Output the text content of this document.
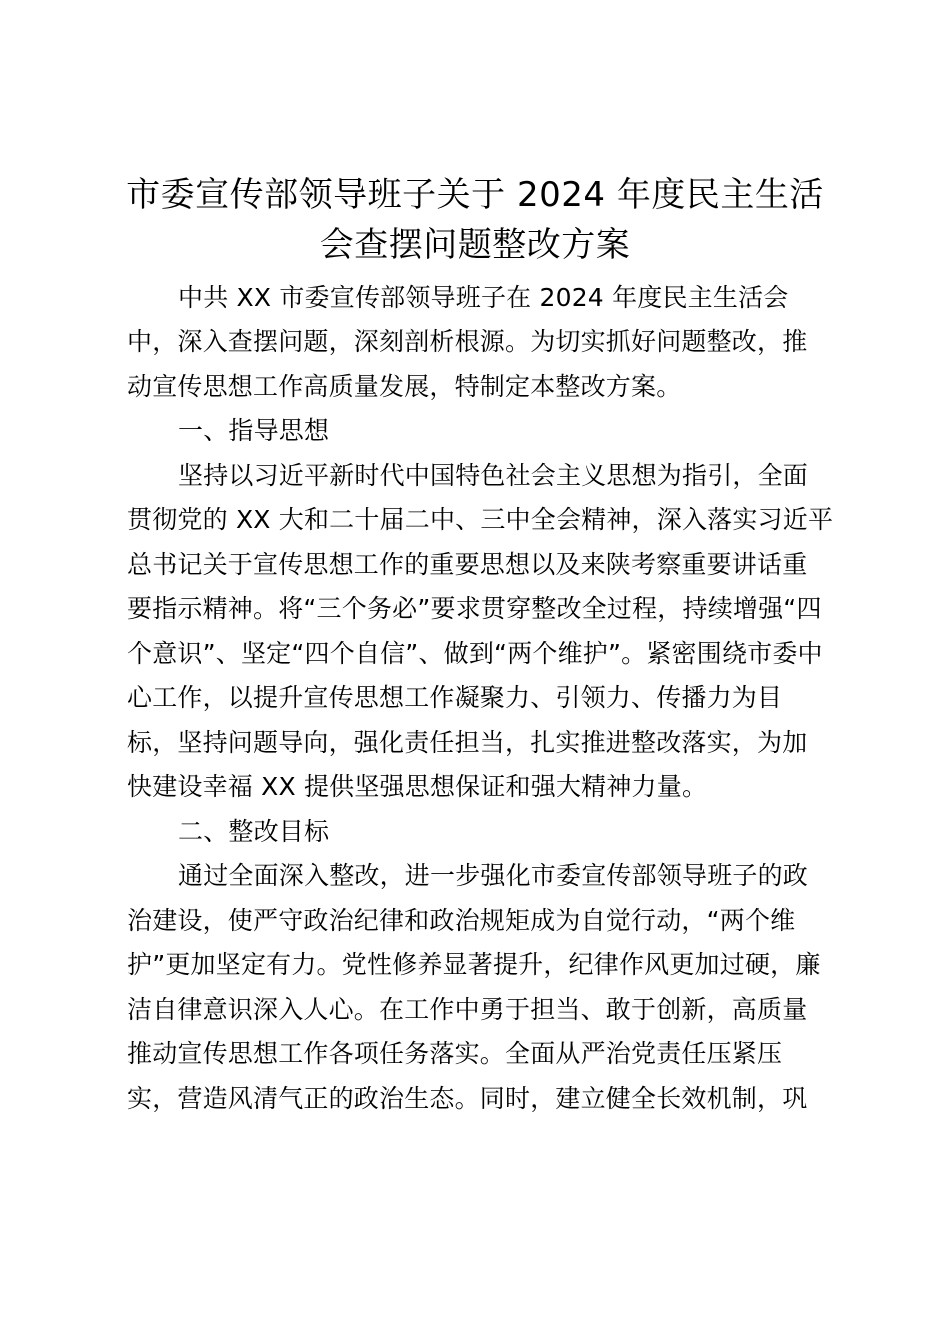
市委宣传部领导班子关于 2024 年度民主生活
会查摆问题整改方案
中共 XX 市委宣传部领导班子在 2024 年度民主生活会
中，深入查摆问题，深刻剖析根源。为切实抓好问题整改，推
动宣传思想工作高质量发展，特制定本整改方案。
一、指导思想
坚持以习近平新时代中国特色社会主义思想为指引，全面
贯彻党的 XX 大和二十届二中、三中全会精神，深入落实习近平
总书记关于宣传思想工作的重要思想以及来陕考察重要讲话重
要指示精神。将“三个务必”要求贯穿整改全过程，持续增强“四
个意识”、坚定“四个自信”、做到“两个维护”。紧密围绕市委中
心工作，以提升宣传思想工作凝聚力、引领力、传播力为目
标，坚持问题导向，强化责任担当，扎实推进整改落实，为加
快建设幸福 XX 提供坚强思想保证和强大精神力量。
二、整改目标
通过全面深入整改，进一步强化市委宣传部领导班子的政
治建设，使严守政治纪律和政治规矩成为自觉行动，“两个维
护”更加坚定有力。党性修养显著提升，纪律作风更加过硬，廉
洁自律意识深入人心。在工作中勇于担当、敢于创新，高质量
推动宣传思想工作各项任务落实。全面从严治党责任压紧压
实，营造风清气正的政治生态。同时，建立健全长效机制，巩
